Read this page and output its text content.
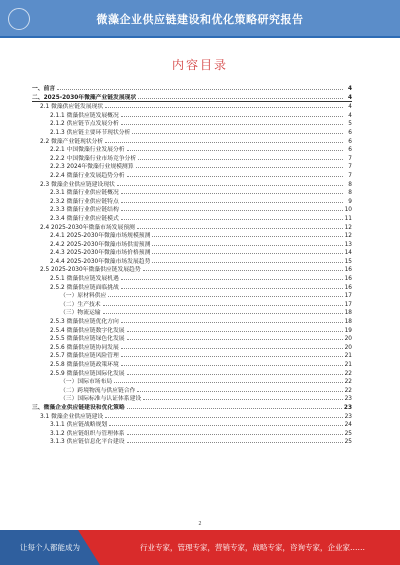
微藻企业供应链建设和优化策略研究报告
内容目录
一、前言	4
二、2025-2030年微藻产业链发展现状	4
2.1 微藻供应链发展现状	4
2.1.1 微藻供应链发展概况	4
2.1.2 供应链节点发展分析	5
2.1.3 供应链主要环节现状分析	6
2.2 微藻产业链现状分析	6
2.2.1 中国微藻行业发展分析	6
2.2.2 中国微藻行业市场竞争分析	7
2.2.3 2024年微藻行业规模测算	7
2.2.4 微藻行业发展趋势分析	7
2.3 微藻企业供应链建设现状	8
2.3.1 微藻行业供应链概况	8
2.3.2 微藻行业供应链特点	9
2.3.3 微藻行业供应链结构	10
2.3.4 微藻行业供应链模式	11
2.4 2025-2030年微藻市场发展预测	12
2.4.1 2025-2030年微藻市场规模预测	12
2.4.2 2025-2030年微藻市场供需预测	13
2.4.3 2025-2030年微藻市场价格预测	14
2.4.4 2025-2030年微藻市场发展趋势	15
2.5 2025-2030年微藻供应链发展趋势	16
2.5.1 微藻供应链发展机遇	16
2.5.2 微藻供应链面临挑战	16
（一）原材料供应	17
（二）生产技术	17
（三）物流运输	18
2.5.3 微藻供应链优化方向	18
2.5.4 微藻供应链数字化发展	19
2.5.5 微藻供应链绿色化发展	20
2.5.6 微藻供应链协同发展	20
2.5.7 微藻供应链风险管理	21
2.5.8 微藻供应链政策环境	21
2.5.9 微藻供应链国际化发展	22
（一）国际市场布局	22
（二）跨境物流与供应链合作	22
（三）国际标准与认证体系建设	23
三、微藻企业供应链建设和优化策略	23
3.1 微藻企业供应链建设	23
3.1.1 供应链战略规划	24
3.1.2 供应链组织与管理体系	25
3.1.3 供应链信息化平台建设	25
2
让每个人都能成为	行业专家，管理专家，营销专家，战略专家，咨询专家，企业家……
